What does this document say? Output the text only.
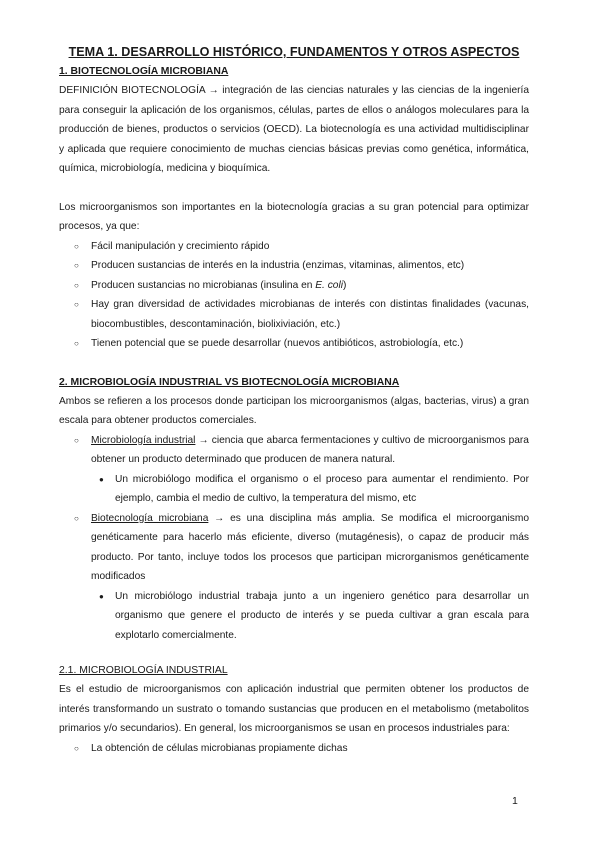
TEMA 1. DESARROLLO HISTÓRICO, FUNDAMENTOS Y OTROS ASPECTOS
1. BIOTECNOLOGÍA MICROBIANA

DEFINICIÓN BIOTECNOLOGÍA → integración de las ciencias naturales y las ciencias de la ingeniería para conseguir la aplicación de los organismos, células, partes de ellos o análogos moleculares para la producción de bienes, productos o servicios (OECD). La biotecnología es una actividad multidisciplinar y aplicada que requiere conocimiento de muchas ciencias básicas previas como genética, informática, química, microbiología, medicina y bioquímica.

Los microorganismos son importantes en la biotecnología gracias a su gran potencial para optimizar procesos, ya que:

○ Fácil manipulación y crecimiento rápido
○ Producen sustancias de interés en la industria (enzimas, vitaminas, alimentos, etc)
○ Producen sustancias no microbianas (insulina en E. coli)
○ Hay gran diversidad de actividades microbianas de interés con distintas finalidades (vacunas, biocombustibles, descontaminación, biolixiviación, etc.)
○ Tienen potencial que se puede desarrollar (nuevos antibióticos, astrobiología, etc.)
2. MICROBIOLOGÍA INDUSTRIAL VS BIOTECNOLOGÍA MICROBIANA

Ambos se refieren a los procesos donde participan los microorganismos (algas, bacterias, virus) a gran escala para obtener productos comerciales.

○ Microbiología industrial → ciencia que abarca fermentaciones y cultivo de microorganismos para obtener un producto determinado que producen de manera natural.
● Un microbiólogo modifica el organismo o el proceso para aumentar el rendimiento. Por ejemplo, cambia el medio de cultivo, la temperatura del mismo, etc
○ Biotecnología microbiana → es una disciplina más amplia. Se modifica el microorganismo genéticamente para hacerlo más eficiente, diverso (mutagénesis), o capaz de producir más producto. Por tanto, incluye todos los procesos que participan microrganismos genéticamente modificados
● Un microbiólogo industrial trabaja junto a un ingeniero genético para desarrollar un organismo que genere el producto de interés y se pueda cultivar a gran escala para explotarlo comercialmente.
2.1. MICROBIOLOGÍA INDUSTRIAL

Es el estudio de microorganismos con aplicación industrial que permiten obtener los productos de interés transformando un sustrato o tomando sustancias que producen en el metabolismo (metabolitos primarios y/o secundarios). En general, los microorganismos se usan en procesos industriales para:

○ La obtención de células microbianas propiamente dichas
1
